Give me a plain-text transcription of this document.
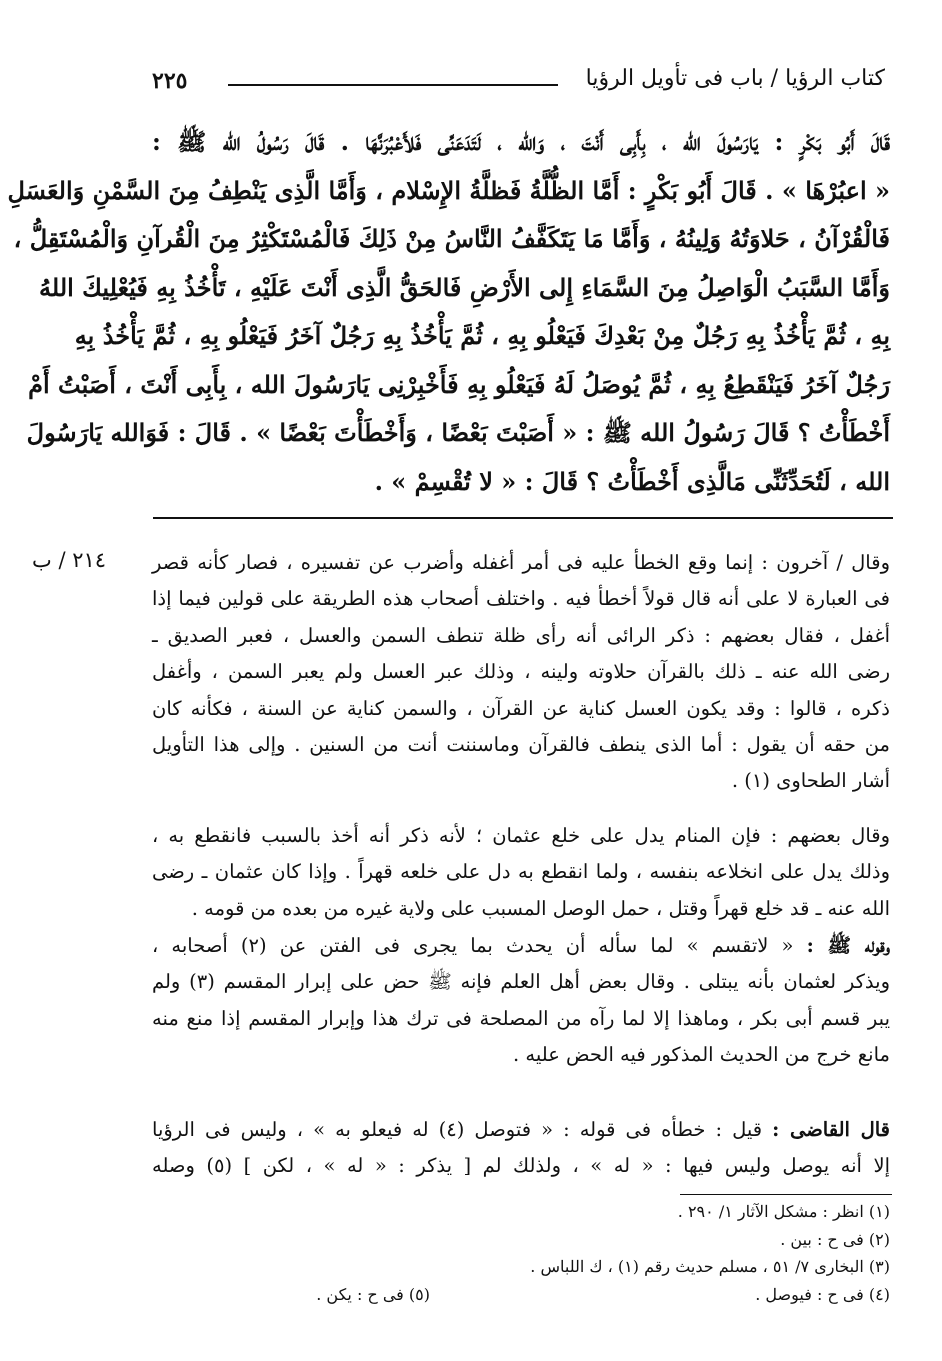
٢٢٥	كتاب الرؤيا / باب فى تأويل الرؤيا
قَالَ أَبُو بَكْرٍ : يَارَسُولَ الله ، بِأَبِى أَنْتَ ، وَالله ، لَتَدَعَنِّى فَلأَعْبُرَنَّهَا . قَالَ رَسُولُ الله ﷺ :
« اعبُرْهَا » . قَالَ أَبُو بَكْرٍ : أَمَّا الظُّلَّةُ فَظلَّةُ الإِسْلام ، وَأَمَّا الَّذِى يَنْطِفُ مِنَ السَّمْنِ وَالعَسَلِ
فَالْقُرْآنُ ، حَلاوَتُهُ وَلِينُهُ ، وَأَمَّا مَا يَتَكَفَّفُ النَّاسُ مِنْ ذَلِكَ فَالْمُسْتَكْثِرُ مِنَ الْقُرآنِ وَالْمُسْتَقِلُّ ،
وَأَمَّا السَّبَبُ الْوَاصِلُ مِنَ السَّمَاءِ إِلى الأَرْضِ فَالحَقُّ الَّذِى أَنْتَ عَلَيْهِ ، تَأْخُذُ بِهِ فَيُعْلِيكَ اللهُ
بِهِ ، ثُمَّ يَأْخُذُ بِهِ رَجُلٌ مِنْ بَعْدِكَ فَيَعْلُو بِهِ ، ثُمَّ يَأْخُذُ بِهِ رَجُلٌ آخَرُ فَيَعْلُو بِهِ ، ثُمَّ يَأْخُذُ بِهِ
رَجُلٌ آخَرُ فَيَنْقَطِعُ بِهِ ، ثُمَّ يُوصَلُ لَهُ فَيَعْلُو بِهِ فَأَخْبِرْنِى يَارَسُولَ الله ، بِأَبِى أَنْتَ ، أَصَبْتُ أَمْ
أَخْطَأْتُ ؟ قَالَ رَسُولُ الله ﷺ : « أَصَبْتَ بَعْضًا ، وَأَخْطَأْتَ بَعْضًا » . قَالَ : فَوَالله يَارَسُولَ
الله ، لَتُحَدِّثَنِّى مَالَّذِى أَخْطَأْتُ ؟ قَالَ : « لا تُقْسِمْ » .
٢١٤ / ب وقال / آخرون : إنما وقع الخطأ عليه فى أمر أغفله وأضرب عن تفسيره ، فصار كأنه قصر
فى العبارة لا على أنه قال قولاً أخطأ فيه . واختلف أصحاب هذه الطريقة على قولين فيما إذا
أغفل ، فقال بعضهم : ذكر الرائى أنه رأى ظلة تنطف السمن والعسل ، فعبر الصديق ـ
رضى الله عنه ـ ذلك بالقرآن حلاوته ولينه ، وذلك عبر العسل ولم يعبر السمن ، وأغفل
ذكره ، قالوا : وقد يكون العسل كناية عن القرآن ، والسمن كناية عن السنة ، فكأنه كان
من حقه أن يقول : أما الذى ينطف فالقرآن وماسننت أنت من السنين . وإلى هذا التأويل
أشار الطحاوى (١) .
وقال بعضهم : فإن المنام يدل على خلع عثمان ؛ لأنه ذكر أنه أخذ بالسبب فانقطع به ،
وذلك يدل على انخلاعه بنفسه ، ولما انقطع به دل على خلعه قهراً . وإذا كان عثمان ـ رضى
الله عنه ـ قد خلع قهراً وقتل ، حمل الوصل المسبب على ولاية غيره من بعده من قومه .
وقوله ﷺ : « لاتقسم » لما سأله أن يحدث بما يجرى فى الفتن عن (٢) أصحابه ،
ويذكر لعثمان بأنه يبتلى . وقال بعض أهل العلم فإنه ﷺ حض على إبرار المقسم (٣) ولم
يبر قسم أبى بكر ، وماهذا إلا لما رآه من المصلحة فى ترك هذا وإبرار المقسم إذا منع منه
مانع خرج من الحديث المذكور فيه الحض عليه .
قال القاضى : قيل : خطأه فى قوله : « فتوصل (٤) له فيعلو به » ، وليس فى الرؤيا
إلا أنه يوصل وليس فيها : « له » ، ولذلك لم [ يذكر : « له » ، لكن ] (٥) وصله
(١) انظر : مشكل الآثار ١/ ٢٩٠ .
(٢) فى ح : بين .
(٣) البخارى ٧/ ٥١ ، مسلم حديث رقم (١) ، ك اللباس .
(٤) فى ح : فيوصل .
(٥) فى ح : يكن .
